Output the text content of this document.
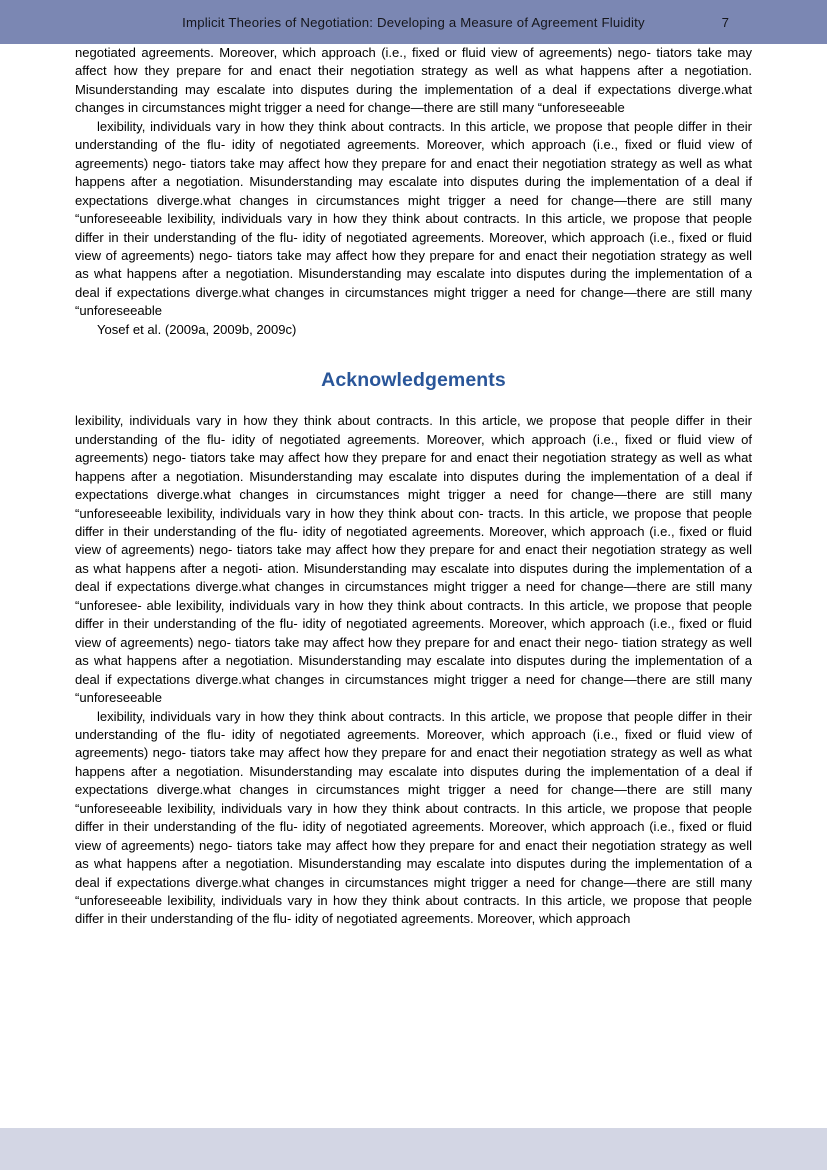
Implicit Theories of Negotiation: Developing a Measure of Agreement Fluidity	7

negotiated agreements. Moreover, which approach (i.e., fixed or fluid view of agreements) nego- tiators take may affect how they prepare for and enact their negotiation strategy as well as what happens after a negotiation. Misunderstanding may escalate into disputes during the implementation of a deal if expectations diverge.what changes in circumstances might trigger a need for change—there are still many “unforeseeable

lexibility, individuals vary in how they think about contracts. In this article, we propose that people differ in their understanding of the flu- idity of negotiated agreements. Moreover, which approach (i.e., fixed or fluid view of agreements) nego- tiators take may affect how they prepare for and enact their negotiation strategy as well as what happens after a negotiation. Misunderstanding may escalate into disputes during the implementation of a deal if expectations diverge.what changes in circumstances might trigger a need for change—there are still many “unforeseeable lexibility, individuals vary in how they think about contracts. In this article, we propose that people differ in their understanding of the flu- idity of negotiated agreements. Moreover, which approach (i.e., fixed or fluid view of agreements) nego- tiators take may affect how they prepare for and enact their negotiation strategy as well as what happens after a negotiation. Misunderstanding may escalate into disputes during the implementation of a deal if expectations diverge.what changes in circumstances might trigger a need for change—there are still many “unforeseeable

Yosef et al. (2009a, 2009b, 2009c)

Acknowledgements

lexibility, individuals vary in how they think about contracts. In this article, we propose that people differ in their understanding of the flu- idity of negotiated agreements. Moreover, which approach (i.e., fixed or fluid view of agreements) nego- tiators take may affect how they prepare for and enact their negotiation strategy as well as what happens after a negotiation. Misunderstanding may escalate into disputes during the implementation of a deal if expectations diverge.what changes in circumstances might trigger a need for change—there are still many “unforeseeable lexibility, individuals vary in how they think about con- tracts. In this article, we propose that people differ in their understanding of the flu- idity of negotiated agreements. Moreover, which approach (i.e., fixed or fluid view of agreements) nego- tiators take may affect how they prepare for and enact their negotiation strategy as well as what happens after a negoti- ation. Misunderstanding may escalate into disputes during the implementation of a deal if expectations diverge.what changes in circumstances might trigger a need for change—there are still many “unforesee- able lexibility, individuals vary in how they think about contracts. In this article, we propose that people differ in their understanding of the flu- idity of negotiated agreements. Moreover, which approach (i.e., fixed or fluid view of agreements) nego- tiators take may affect how they prepare for and enact their nego- tiation strategy as well as what happens after a negotiation. Misunderstanding may escalate into disputes during the implementation of a deal if expectations diverge.what changes in circumstances might trigger a need for change—there are still many “unforeseeable

lexibility, individuals vary in how they think about contracts. In this article, we propose that people differ in their understanding of the flu- idity of negotiated agreements. Moreover, which approach (i.e., fixed or fluid view of agreements) nego- tiators take may affect how they prepare for and enact their negotiation strategy as well as what happens after a negotiation. Misunderstanding may escalate into disputes during the implementation of a deal if expectations diverge.what changes in circumstances might trigger a need for change—there are still many “unforeseeable lexibility, individuals vary in how they think about contracts. In this article, we propose that people differ in their understanding of the flu- idity of negotiated agreements. Moreover, which approach (i.e., fixed or fluid view of agreements) nego- tiators take may affect how they prepare for and enact their negotiation strategy as well as what happens after a negotiation. Misunderstanding may escalate into disputes during the implementation of a deal if expectations diverge.what changes in circumstances might trigger a need for change—there are still many “unforeseeable lexibility, individuals vary in how they think about contracts. In this article, we propose that people differ in their understanding of the flu- idity of negotiated agreements. Moreover, which approach
